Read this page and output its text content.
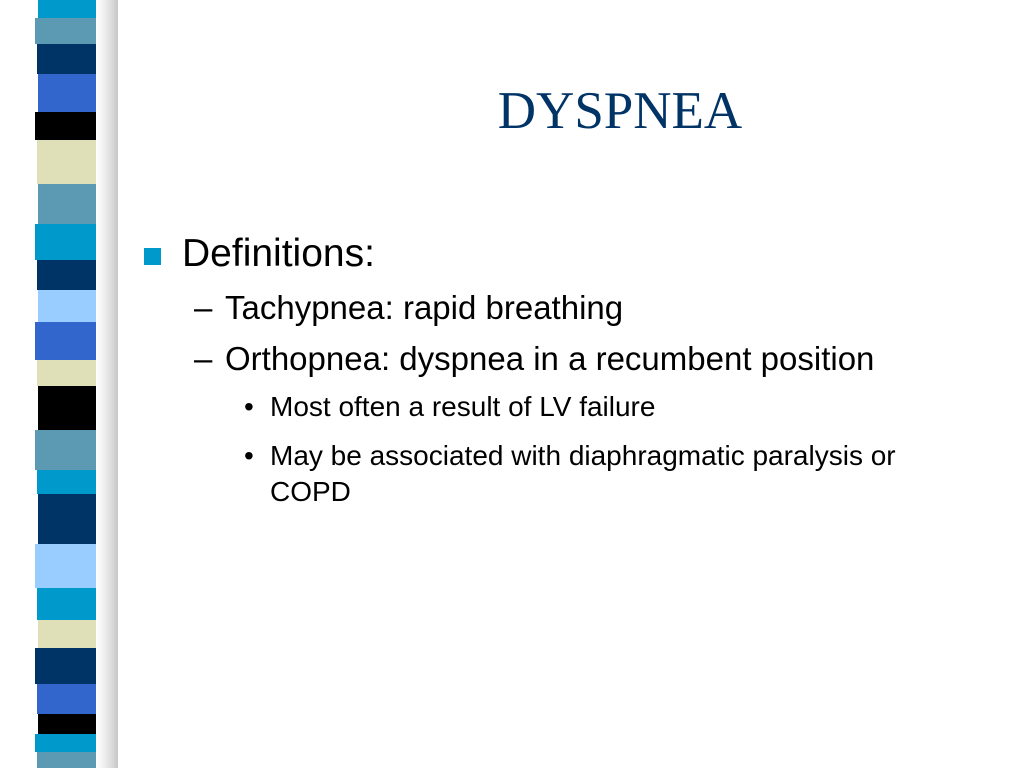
DYSPNEA
Definitions:
– Tachypnea: rapid breathing
– Orthopnea: dyspnea in a recumbent position
• Most often a result of LV failure
• May be associated with diaphragmatic paralysis or COPD
